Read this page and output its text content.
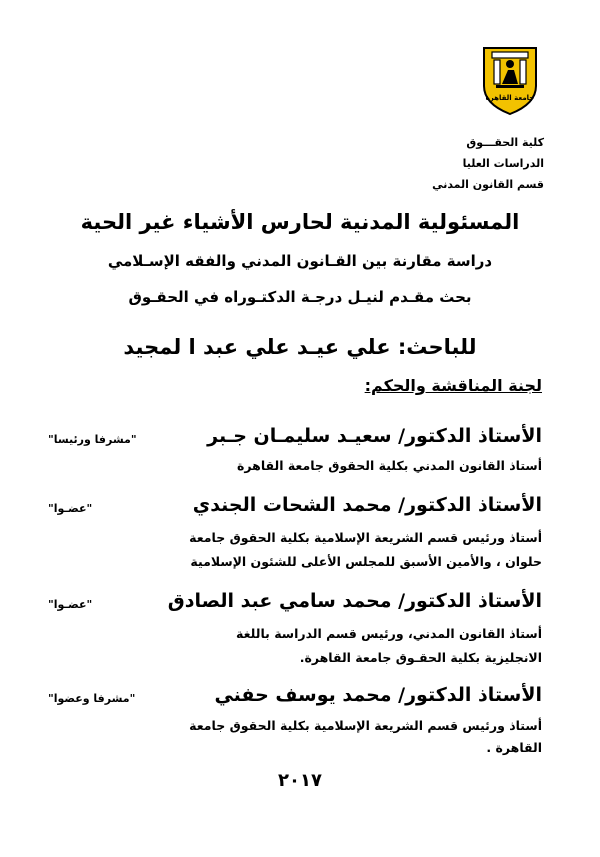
جامعة القاهرة
كلية الحقـــوق
الدراسات العليا
قسم القانون المدني
المسئولية المدنية لحارس الأشياء غير الحية
دراسة مقارنة بين القـانون المدني والفقه الإسـلامي
بحث مقـدم لنيـل درجـة الدكتـوراه في الحقـوق
للباحث: علي عيـد علي عبد ا لمجيد
لجنة المناقشة والحكم:
الأستاذ الدكتور/ سعيـد سليمـان جـبر
"مشرفا ورئيسا"
أستاذ القانون المدني بكلية الحقوق جامعة القاهرة
الأستاذ الدكتور/ محمد الشحات الجندي
"عضـوا"
أستاذ ورئيس قسم الشريعة الإسلامية بكلية الحقوق جامعة
حلوان ، والأمين الأسبق للمجلس الأعلى للشئون الإسلامية
الأستاذ الدكتور/ محمد سامي عبد الصادق
"عضـوا"
أستاذ القانون المدني، ورئيس قسم الدراسة باللغة
الانجليزية بكلية الحقـوق جامعة القاهرة.
الأستاذ الدكتور/ محمد يوسف حفني
"مشرفا وعضوا"
أستاذ ورئيس قسم الشريعة الإسلامية بكلية الحقوق جامعة
القاهرة .
٢٠١٧
